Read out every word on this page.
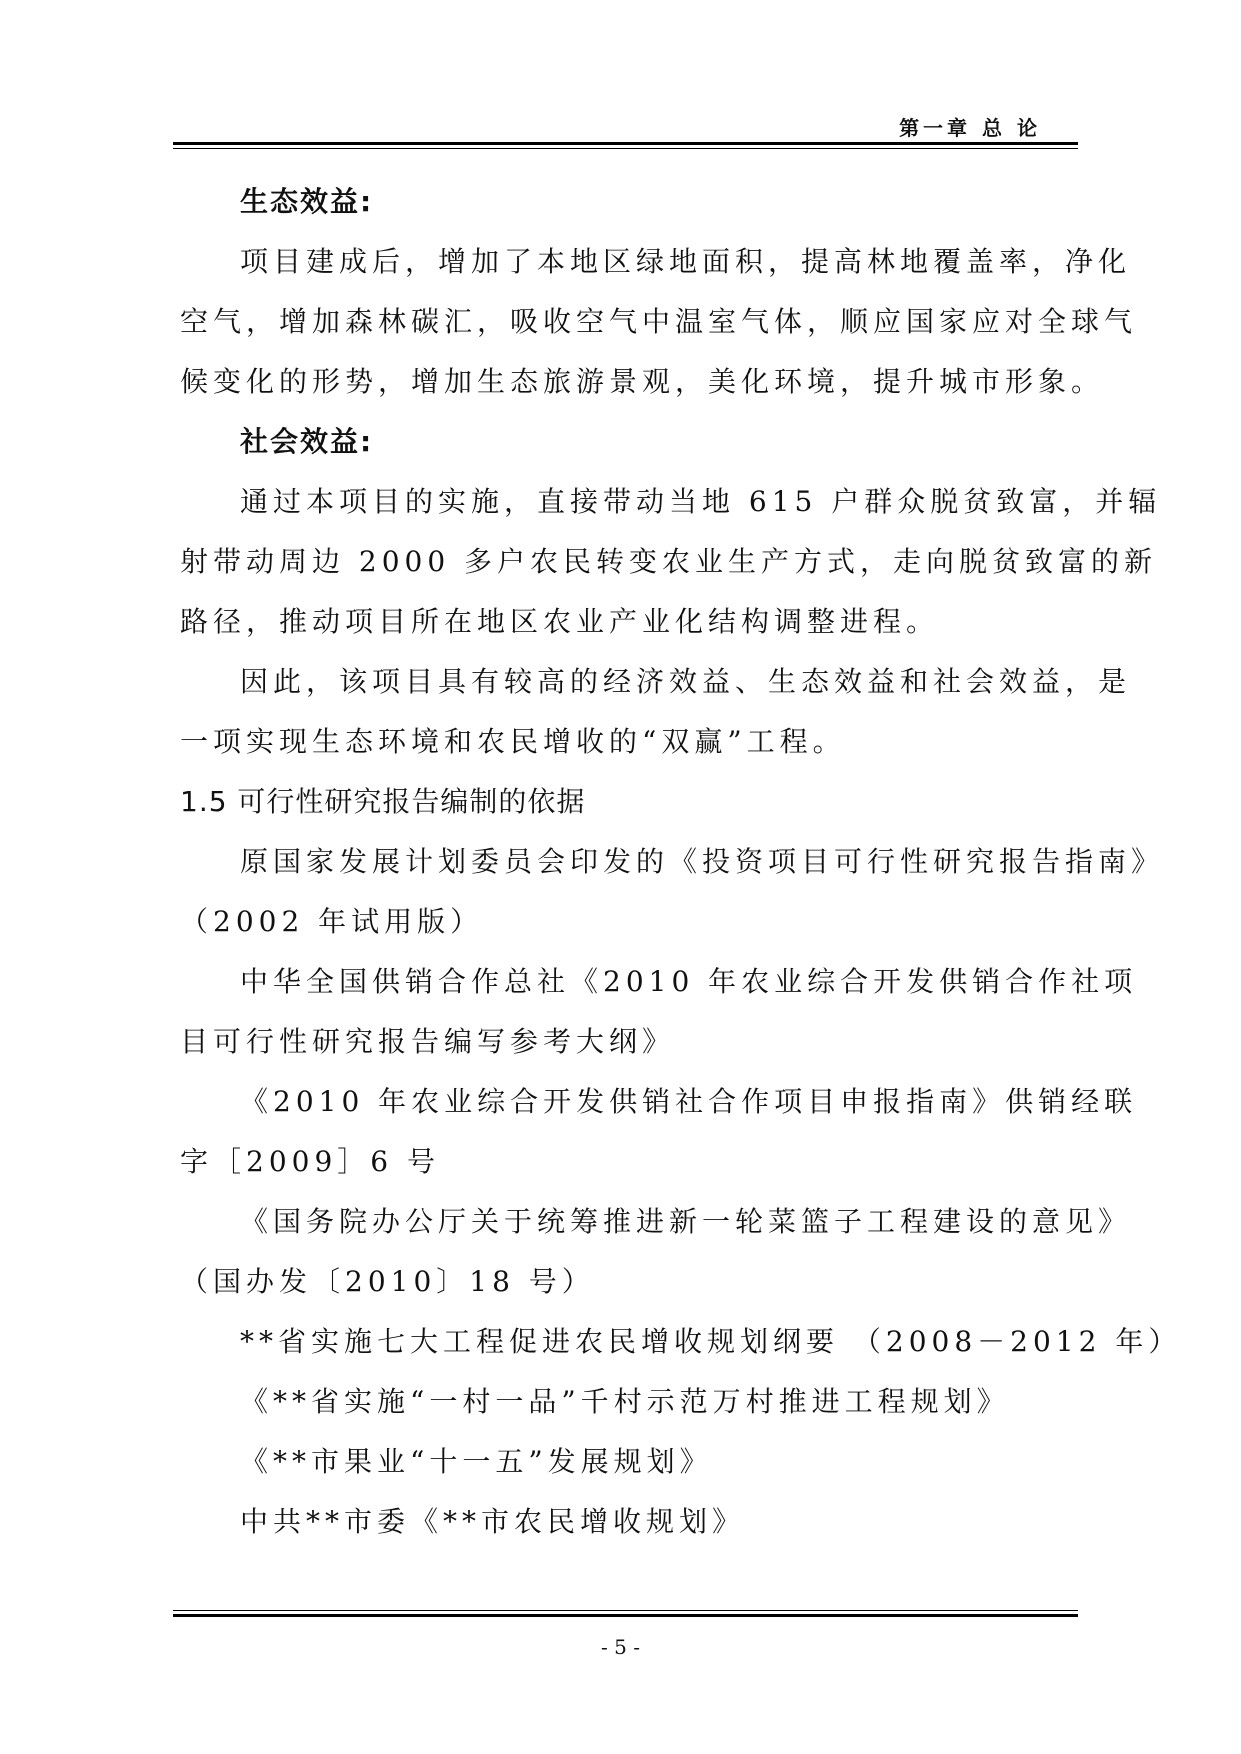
第一章 总 论
生态效益:
项目建成后，增加了本地区绿地面积，提高林地覆盖率，净化
空气，增加森林碳汇，吸收空气中温室气体，顺应国家应对全球气
候变化的形势，增加生态旅游景观，美化环境，提升城市形象。
社会效益:
通过本项目的实施，直接带动当地 615 户群众脱贫致富，并辐
射带动周边 2000 多户农民转变农业生产方式，走向脱贫致富的新
路径，推动项目所在地区农业产业化结构调整进程。
因此，该项目具有较高的经济效益、生态效益和社会效益，是
一项实现生态环境和农民增收的“双赢”工程。
1.5 可行性研究报告编制的依据
原国家发展计划委员会印发的《投资项目可行性研究报告指南》
（2002 年试用版）
中华全国供销合作总社《2010 年农业综合开发供销合作社项
目可行性研究报告编写参考大纲》
《2010 年农业综合开发供销社合作项目申报指南》供销经联
字［2009］6 号
《国务院办公厅关于统筹推进新一轮菜篮子工程建设的意见》
（国办发〔2010〕18 号）
**省实施七大工程促进农民增收规划纲要 （2008－2012 年）
《**省实施“一村一品”千村示范万村推进工程规划》
《**市果业“十一五”发展规划》
中共**市委《**市农民增收规划》
- 5 -
